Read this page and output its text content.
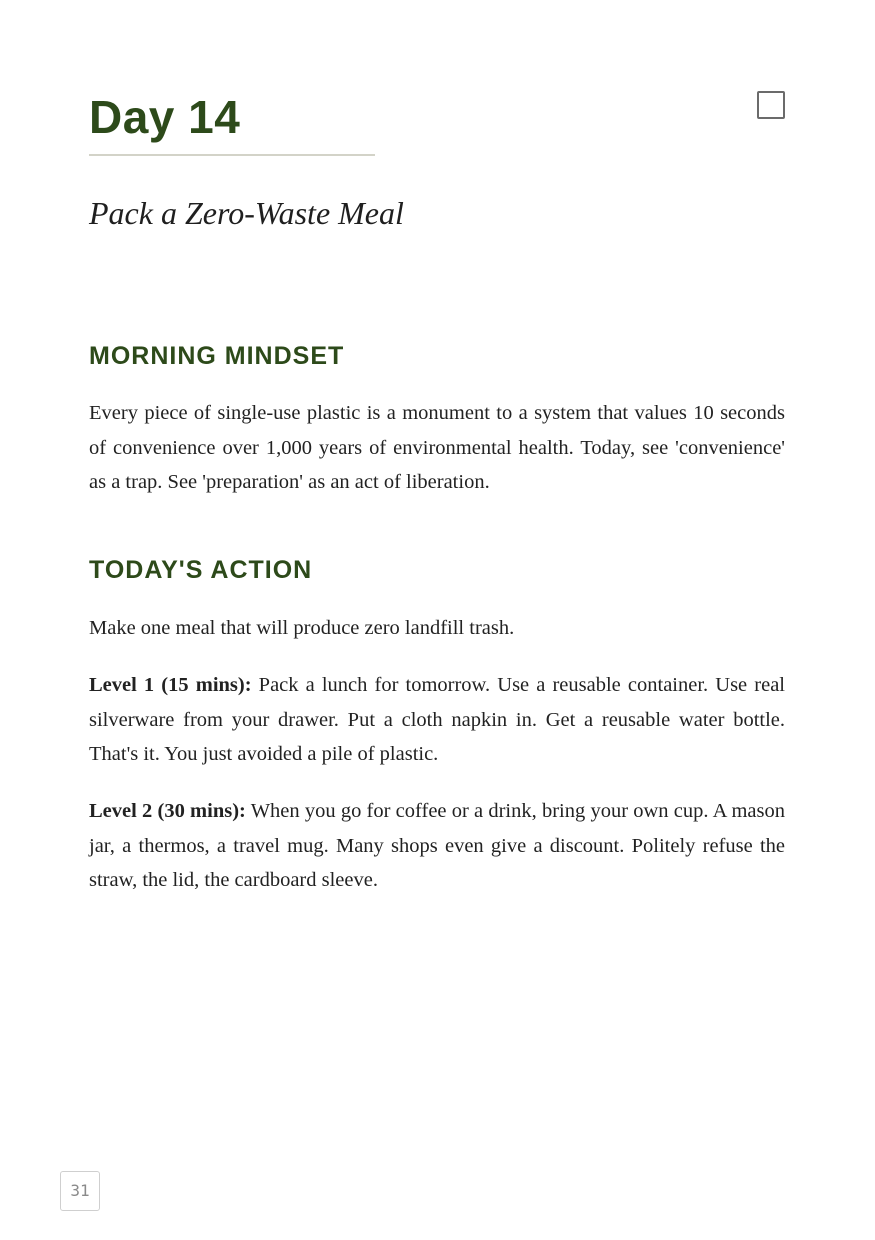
Day 14
Pack a Zero-Waste Meal
MORNING MINDSET

Every piece of single-use plastic is a monument to a system that values 10 seconds of convenience over 1,000 years of environmental health. Today, see 'convenience' as a trap. See 'preparation' as an act of liberation.

TODAY'S ACTION

Make one meal that will produce zero landfill trash.

Level 1 (15 mins): Pack a lunch for tomorrow. Use a reusable container. Use real silverware from your drawer. Put a cloth napkin in. Get a reusable water bottle. That's it. You just avoided a pile of plastic.

Level 2 (30 mins): When you go for coffee or a drink, bring your own cup. A mason jar, a thermos, a travel mug. Many shops even give a discount. Politely refuse the straw, the lid, the cardboard sleeve.

31
